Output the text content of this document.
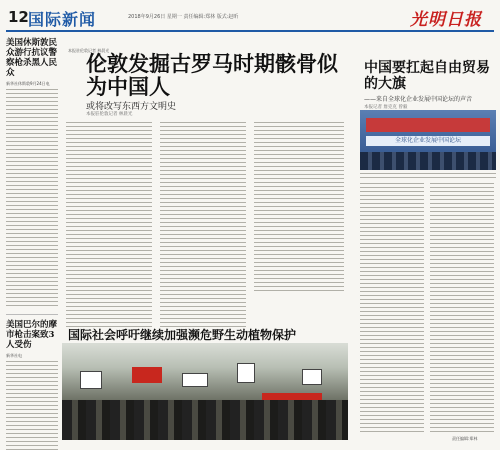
12 国际新闻	2018年9月26日 星期一 责任编辑:郑林 版式:赵昕	光明日报
美国休斯敦民众游行抗议警察枪杀黑人民众
新华社休斯敦9月24日电
美国巴尔的摩市枪击案致3人受伤
新华社电
本报驻伦敦记者 林晨光
伦敦发掘古罗马时期骸骨似为中国人
或将改写东西方文明史
本报驻伦敦记者 林晨光
中国要扛起自由贸易的大旗
——来自全球化企业发展中国论坛的声音
本报记者 詹克克 曾毅
全球化企业发展中国论坛
国际社会呼吁继续加强濒危野生动植物保护
责任编辑:郑林
